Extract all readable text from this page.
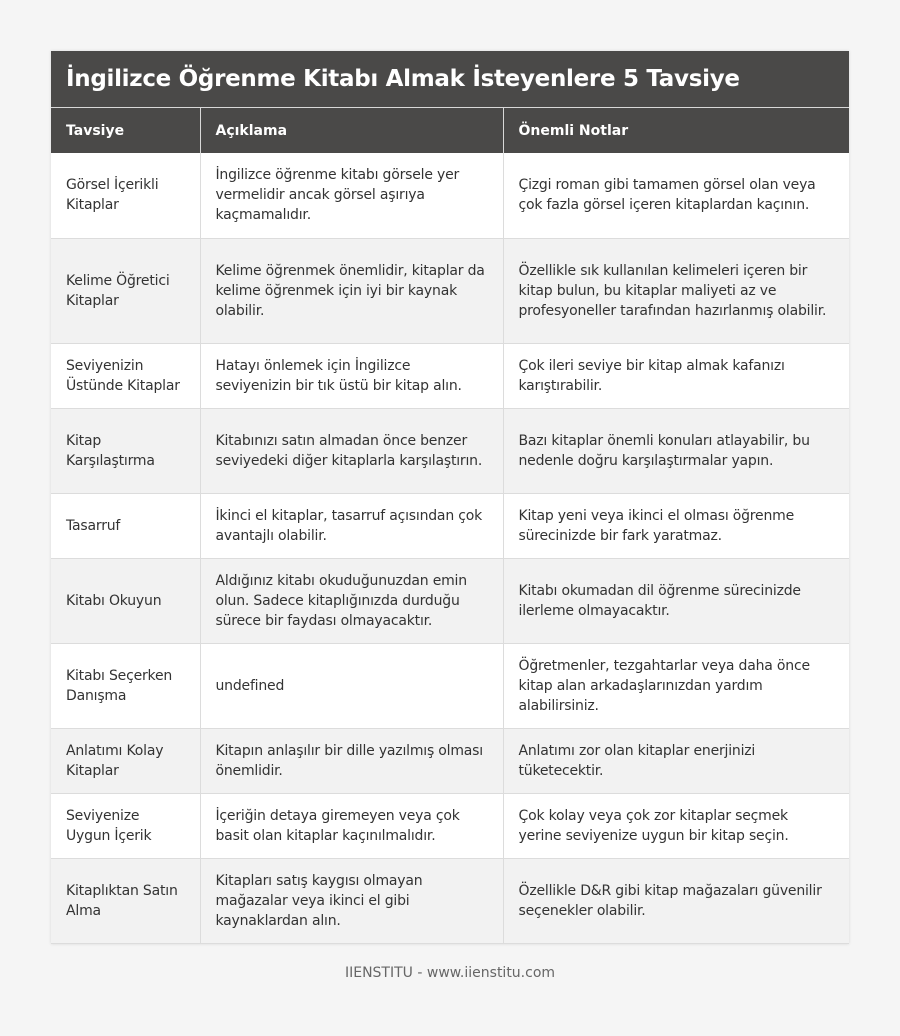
İngilizce Öğrenme Kitabı Almak İsteyenlere 5 Tavsiye
Tavsiye	Açıklama	Önemli Notlar
Görsel İçerikli Kitaplar	İngilizce öğrenme kitabı görsele yer vermelidir ancak görsel aşırıya kaçmamalıdır.	Çizgi roman gibi tamamen görsel olan veya çok fazla görsel içeren kitaplardan kaçının.
Kelime Öğretici Kitaplar	Kelime öğrenmek önemlidir, kitaplar da kelime öğrenmek için iyi bir kaynak olabilir.	Özellikle sık kullanılan kelimeleri içeren bir kitap bulun, bu kitaplar maliyeti az ve profesyoneller tarafından hazırlanmış olabilir.
Seviyenizin Üstünde Kitaplar	Hatayı önlemek için İngilizce seviyenizin bir tık üstü bir kitap alın.	Çok ileri seviye bir kitap almak kafanızı karıştırabilir.
Kitap Karşılaştırma	Kitabınızı satın almadan önce benzer seviyedeki diğer kitaplarla karşılaştırın.	Bazı kitaplar önemli konuları atlayabilir, bu nedenle doğru karşılaştırmalar yapın.
Tasarruf	İkinci el kitaplar, tasarruf açısından çok avantajlı olabilir.	Kitap yeni veya ikinci el olması öğrenme sürecinizde bir fark yaratmaz.
Kitabı Okuyun	Aldığınız kitabı okuduğunuzdan emin olun. Sadece kitaplığınızda durduğu sürece bir faydası olmayacaktır.	Kitabı okumadan dil öğrenme sürecinizde ilerleme olmayacaktır.
Kitabı Seçerken Danışma	undefined	Öğretmenler, tezgahtarlar veya daha önce kitap alan arkadaşlarınızdan yardım alabilirsiniz.
Anlatımı Kolay Kitaplar	Kitapın anlaşılır bir dille yazılmış olması önemlidir.	Anlatımı zor olan kitaplar enerjinizi tüketecektir.
Seviyenize Uygun İçerik	İçeriğin detaya giremeyen veya çok basit olan kitaplar kaçınılmalıdır.	Çok kolay veya çok zor kitaplar seçmek yerine seviyenize uygun bir kitap seçin.
Kitaplıktan Satın Alma	Kitapları satış kaygısı olmayan mağazalar veya ikinci el gibi kaynaklardan alın.	Özellikle D&R gibi kitap mağazaları güvenilir seçenekler olabilir.
IIENSTITU - www.iienstitu.com
